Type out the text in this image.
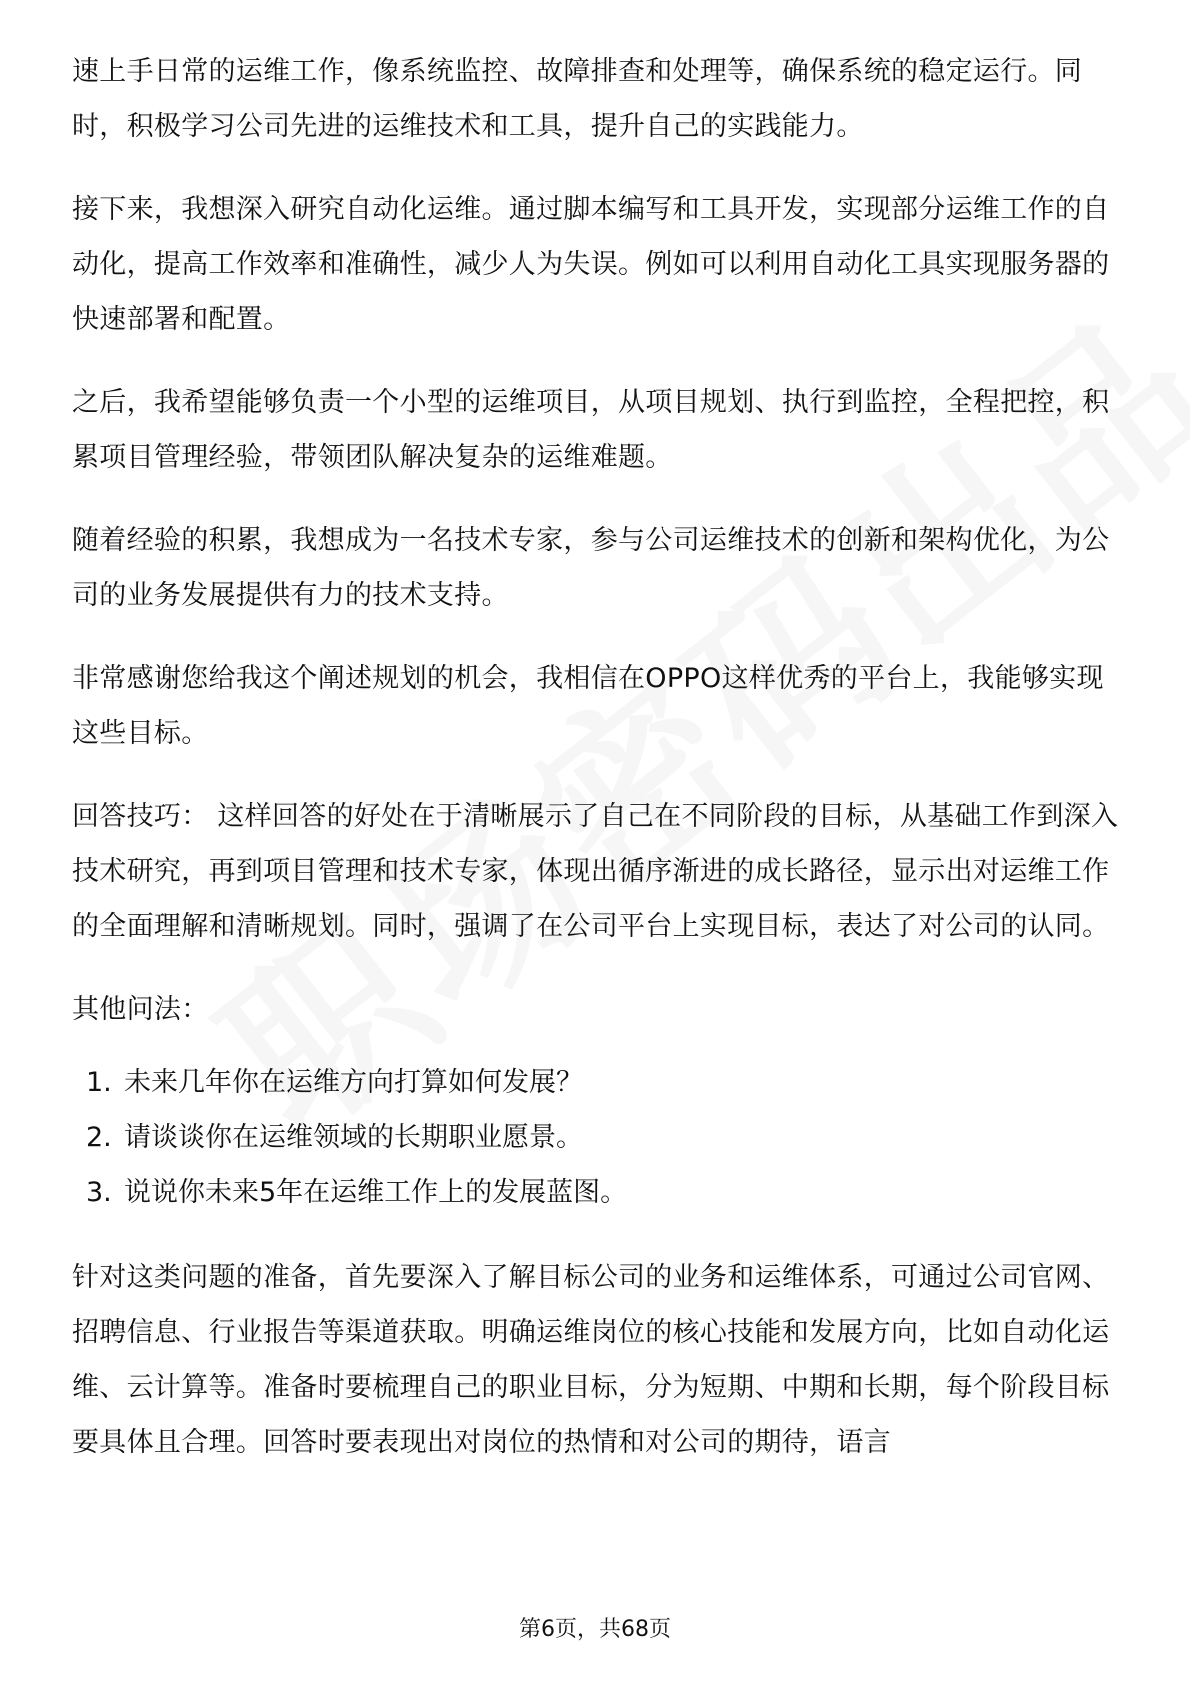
速上手日常的运维工作，像系统监控、故障排查和处理等，确保系统的稳定运行。同时，积极学习公司先进的运维技术和工具，提升自己的实践能力。

接下来，我想深入研究自动化运维。通过脚本编写和工具开发，实现部分运维工作的自动化，提高工作效率和准确性，减少人为失误。例如可以利用自动化工具实现服务器的快速部署和配置。

之后，我希望能够负责一个小型的运维项目，从项目规划、执行到监控，全程把控，积累项目管理经验，带领团队解决复杂的运维难题。

随着经验的积累，我想成为一名技术专家，参与公司运维技术的创新和架构优化，为公司的业务发展提供有力的技术支持。

非常感谢您给我这个阐述规划的机会，我相信在OPPO这样优秀的平台上，我能够实现这些目标。

回答技巧： 这样回答的好处在于清晰展示了自己在不同阶段的目标，从基础工作到深入技术研究，再到项目管理和技术专家，体现出循序渐进的成长路径，显示出对运维工作的全面理解和清晰规划。同时，强调了在公司平台上实现目标，表达了对公司的认同。

其他问法：

1. 未来几年你在运维方向打算如何发展？
2. 请谈谈你在运维领域的长期职业愿景。
3. 说说你未来5年在运维工作上的发展蓝图。

针对这类问题的准备，首先要深入了解目标公司的业务和运维体系，可通过公司官网、招聘信息、行业报告等渠道获取。明确运维岗位的核心技能和发展方向，比如自动化运维、云计算等。准备时要梳理自己的职业目标，分为短期、中期和长期，每个阶段目标要具体且合理。回答时要表现出对岗位的热情和对公司的期待，语言

第6页，共68页
